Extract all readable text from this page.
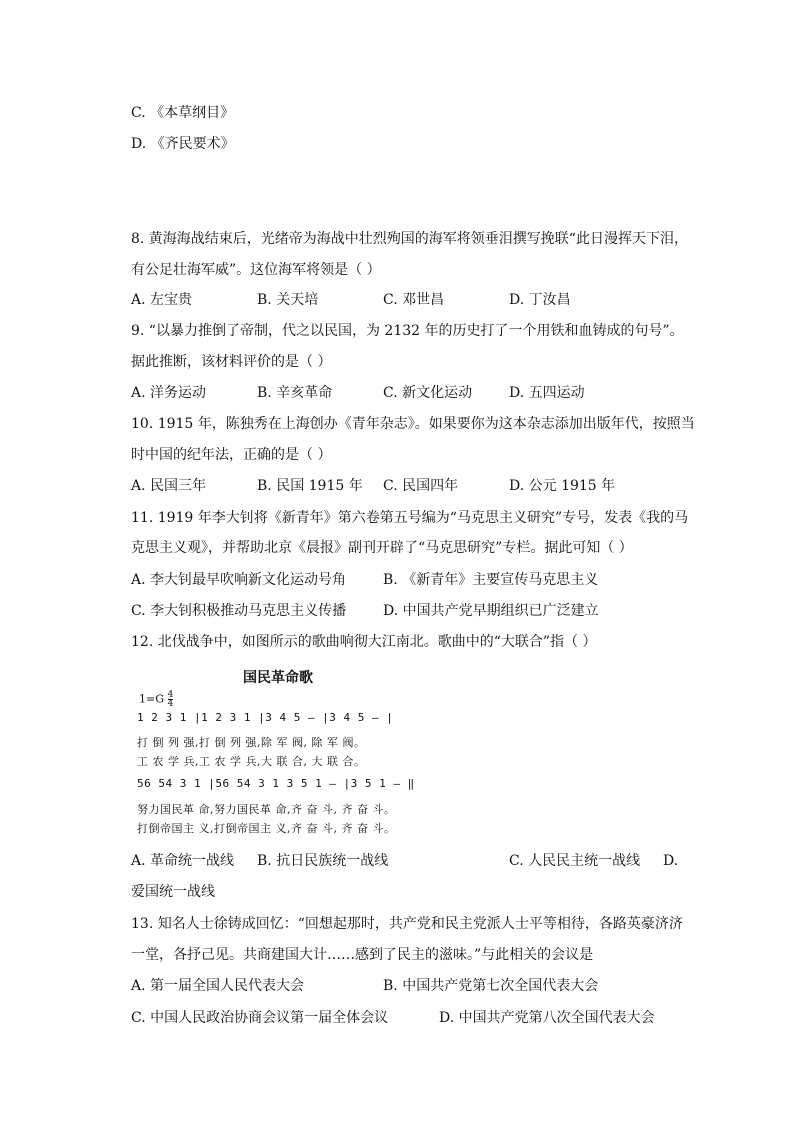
C. 《本草纲目》
D. 《齐民要术》
8. 黄海海战结束后，光绪帝为海战中壮烈殉国的海军将领垂泪撰写挽联“此日漫挥天下泪，
有公足壮海军威”。这位海军将领是（ ）
A. 左宝贵	B. 关天培	C. 邓世昌	D. 丁汝昌
9. “以暴力推倒了帝制，代之以民国，为 2132 年的历史打了一个用铁和血铸成的句号”。
据此推断，该材料评价的是（ ）
A. 洋务运动	B. 辛亥革命	C. 新文化运动	D. 五四运动
10. 1915 年，陈独秀在上海创办《青年杂志》。如果要你为这本杂志添加出版年代，按照当
时中国的纪年法，正确的是（ ）
A. 民国三年	B. 民国 1915 年 C. 民国四年	D. 公元 1915 年
11. 1919 年李大钊将《新青年》第六卷第五号编为“马克思主义研究”专号，发表《我的马
克思主义观》，并帮助北京《晨报》副刊开辟了“马克思研究”专栏。据此可知（ ）
A. 李大钊最早吹响新文化运动号角	B. 《新青年》主要宣传马克思主义
C. 李大钊积极推动马克思主义传播	D. 中国共产党早期组织已广泛建立
12. 北伐战争中，如图所示的歌曲响彻大江南北。歌曲中的“大联合”指（ ）
国民革命歌
$1=G \frac{4}{4}$
1 2 3 1 |1 2 3 1 |3 4 5 – |3 4 5 – |
打 倒 列 强,打 倒 列 强,除 军 阀, 除 军 阀。
工 农 学 兵,工 农 学 兵,大 联 合, 大 联 合。
56 54 3 1 |56 54 3 1 3 5 1 – |3 5 1 – ‖
努力国民革 命,努力国民革 命,齐 奋 斗, 齐 奋 斗。
打倒帝国主 义,打倒帝国主 义,齐 奋 斗, 齐 奋 斗。
A. 革命统一战线 B. 抗日民族统一战线	C. 人民民主统一战线 D.
爱国统一战线
13. 知名人士徐铸成回忆：“回想起那时，共产党和民主党派人士平等相待，各路英豪济济
一堂，各抒己见。共商建国大计……感到了民主的滋味。”与此相关的会议是
A. 第一届全国人民代表大会	B. 中国共产党第七次全国代表大会
C. 中国人民政治协商会议第一届全体会议	D. 中国共产党第八次全国代表大会
